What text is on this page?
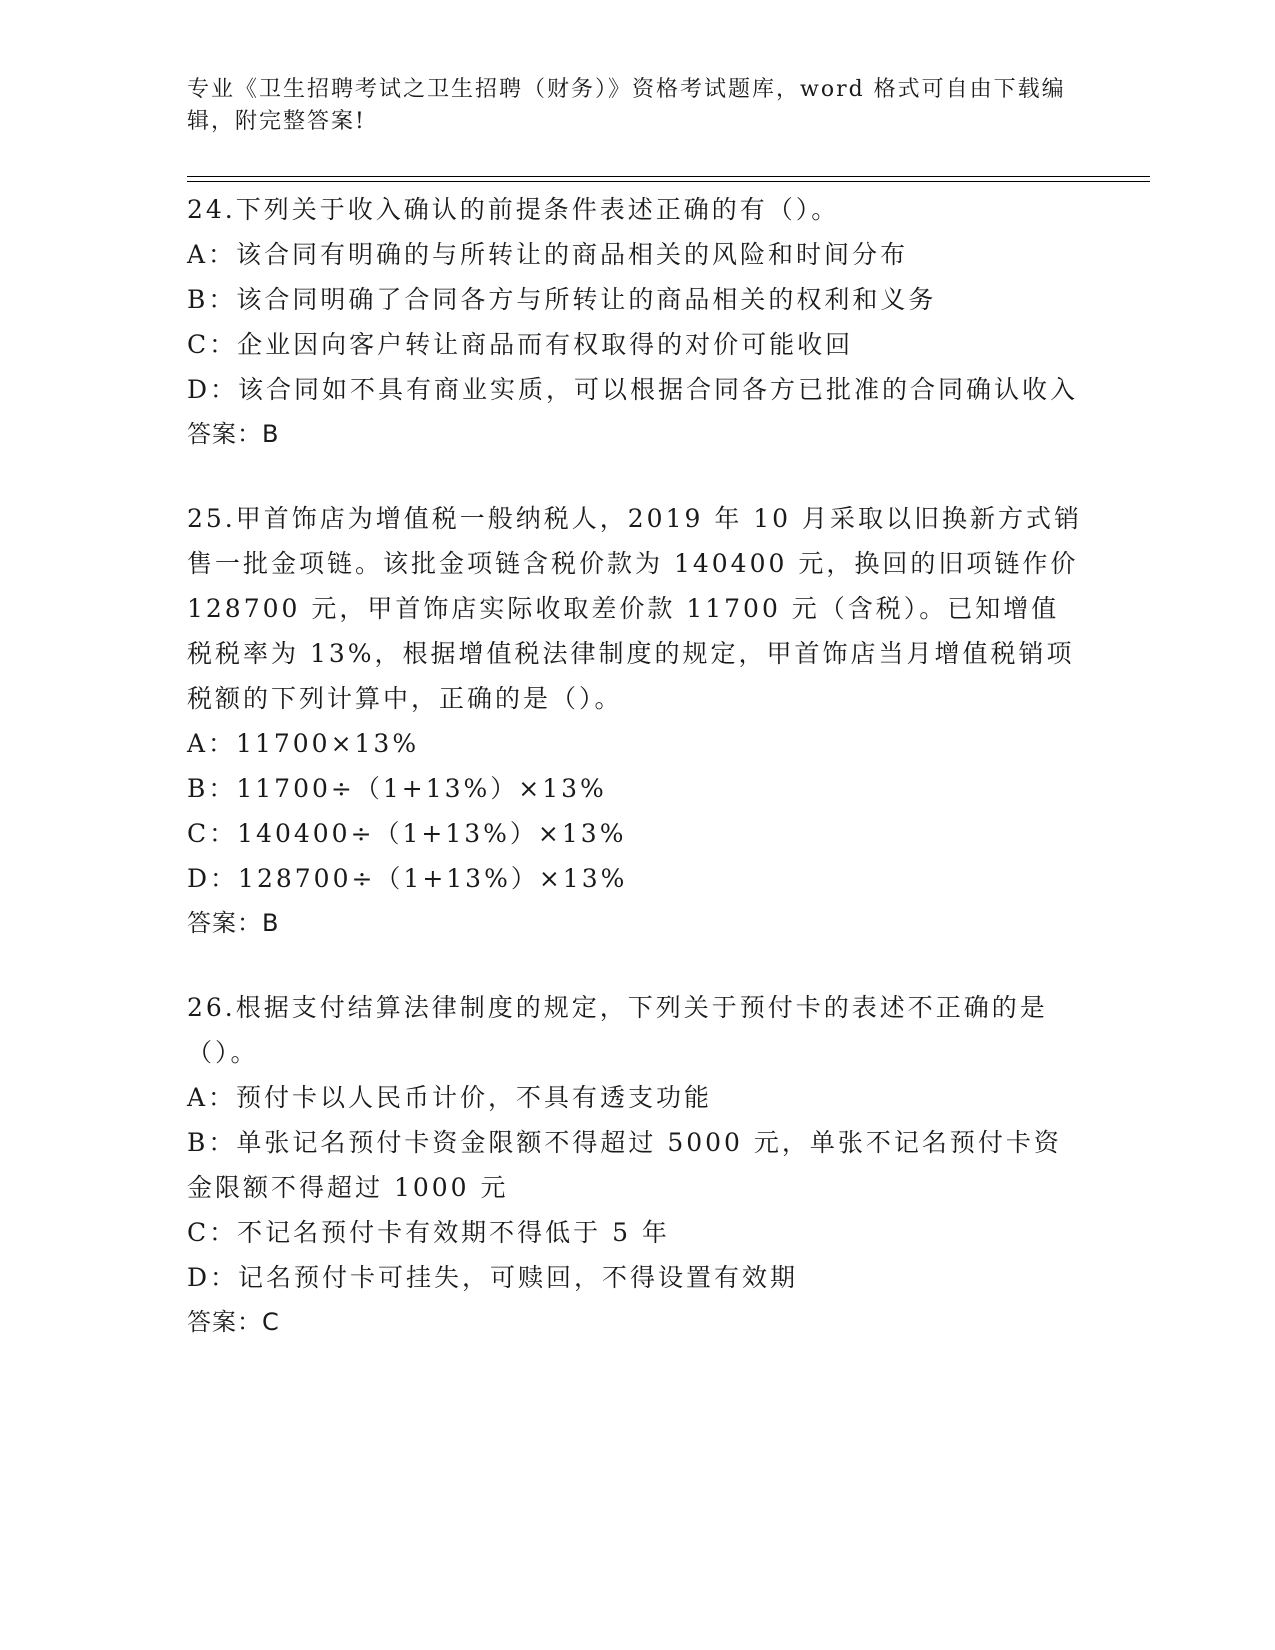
专业《卫生招聘考试之卫生招聘（财务）》资格考试题库，word 格式可自由下载编辑，附完整答案!
24.下列关于收入确认的前提条件表述正确的有（）。
A：该合同有明确的与所转让的商品相关的风险和时间分布
B：该合同明确了合同各方与所转让的商品相关的权利和义务
C：企业因向客户转让商品而有权取得的对价可能收回
D：该合同如不具有商业实质，可以根据合同各方已批准的合同确认收入
答案：B
25.甲首饰店为增值税一般纳税人，2019 年 10 月采取以旧换新方式销售一批金项链。该批金项链含税价款为 140400 元，换回的旧项链作价 128700 元，甲首饰店实际收取差价款 11700 元（含税）。已知增值税税率为 13%，根据增值税法律制度的规定，甲首饰店当月增值税销项税额的下列计算中，正确的是（）。
A：11700×13%
B：11700÷（1+13%）×13%
C：140400÷（1+13%）×13%
D：128700÷（1+13%）×13%
答案：B
26.根据支付结算法律制度的规定，下列关于预付卡的表述不正确的是（）。
A：预付卡以人民币计价，不具有透支功能
B：单张记名预付卡资金限额不得超过 5000 元，单张不记名预付卡资金限额不得超过 1000 元
C：不记名预付卡有效期不得低于 5 年
D：记名预付卡可挂失，可赎回，不得设置有效期
答案：C
